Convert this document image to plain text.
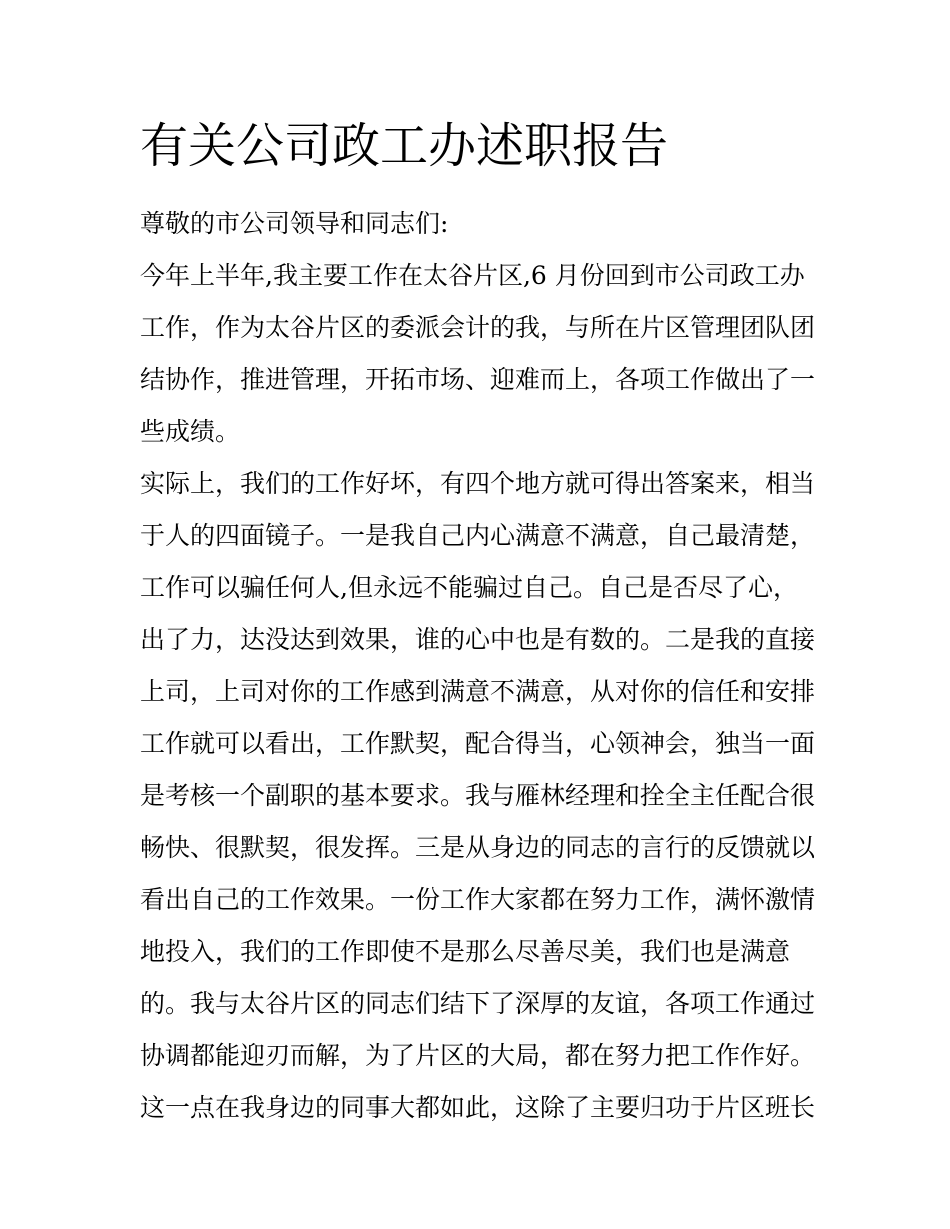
有关公司政工办述职报告
尊敬的市公司领导和同志们:
今年上半年,我主要工作在太谷片区,6 月份回到市公司政工办
工作，作为太谷片区的委派会计的我，与所在片区管理团队团
结协作，推进管理，开拓市场、迎难而上，各项工作做出了一
些成绩。
实际上，我们的工作好坏，有四个地方就可得出答案来，相当
于人的四面镜子。一是我自己内心满意不满意，自己最清楚，
工作可以骗任何人,但永远不能骗过自己。自己是否尽了心，
出了力，达没达到效果，谁的心中也是有数的。二是我的直接
上司，上司对你的工作感到满意不满意，从对你的信任和安排
工作就可以看出，工作默契，配合得当，心领神会，独当一面
是考核一个副职的基本要求。我与雁林经理和拴全主任配合很
畅快、很默契，很发挥。三是从身边的同志的言行的反馈就以
看出自己的工作效果。一份工作大家都在努力工作，满怀激情
地投入，我们的工作即使不是那么尽善尽美，我们也是满意
的。我与太谷片区的同志们结下了深厚的友谊，各项工作通过
协调都能迎刃而解，为了片区的大局，都在努力把工作作好。
这一点在我身边的同事大都如此，这除了主要归功于片区班长
